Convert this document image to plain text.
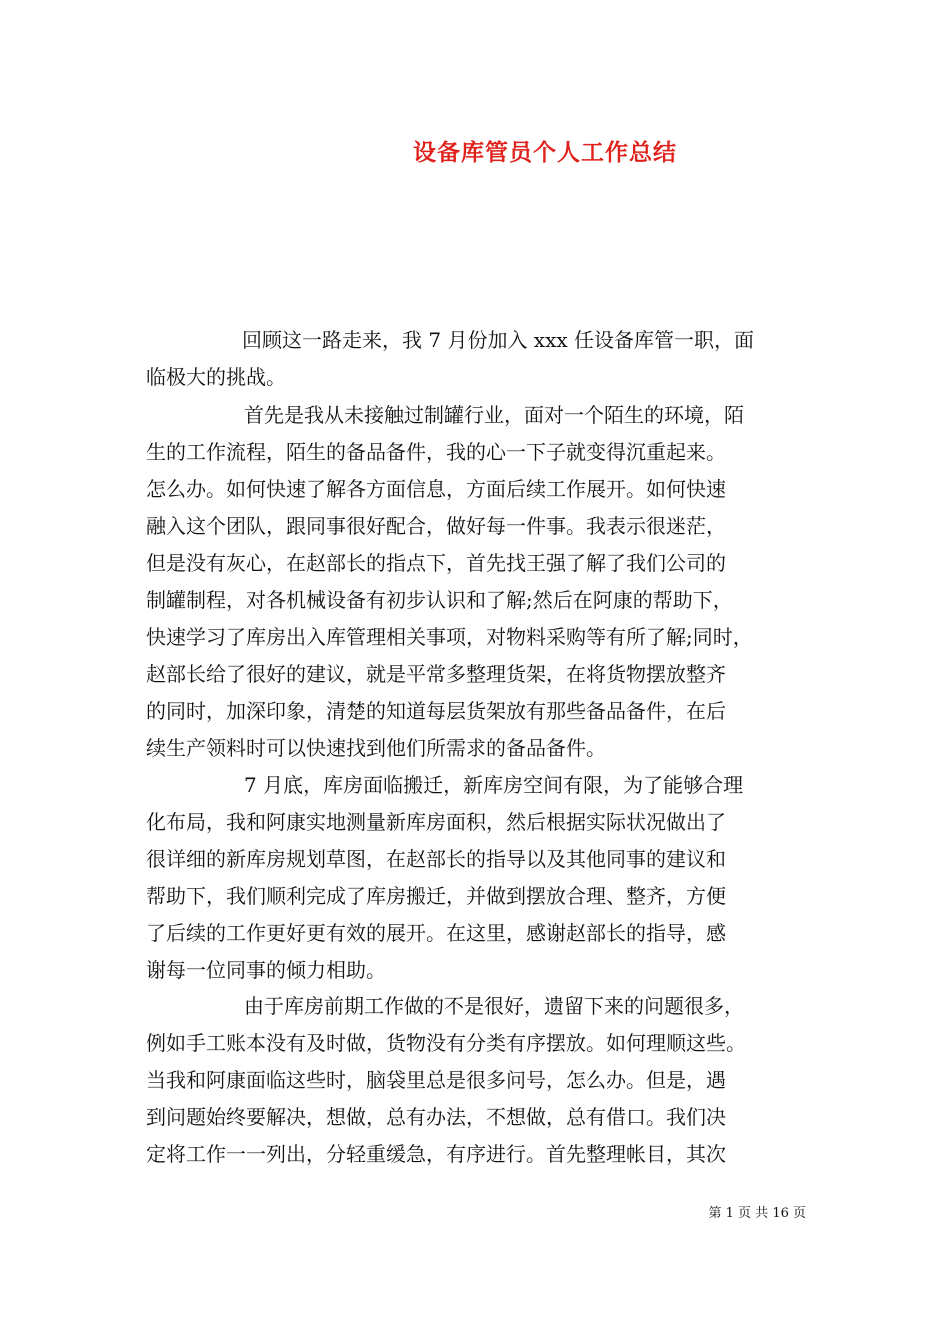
设备库管员个人工作总结

回顾这一路走来，我 7 月份加入 xxx 任设备库管一职，面
临极大的挑战。

首先是我从未接触过制罐行业，面对一个陌生的环境，陌
生的工作流程，陌生的备品备件，我的心一下子就变得沉重起来。
怎么办。如何快速了解各方面信息，方面后续工作展开。如何快速
融入这个团队，跟同事很好配合，做好每一件事。我表示很迷茫，
但是没有灰心，在赵部长的指点下，首先找王强了解了我们公司的
制罐制程，对各机械设备有初步认识和了解;然后在阿康的帮助下，
快速学习了库房出入库管理相关事项，对物料采购等有所了解;同时，
赵部长给了很好的建议，就是平常多整理货架，在将货物摆放整齐
的同时，加深印象，清楚的知道每层货架放有那些备品备件，在后
续生产领料时可以快速找到他们所需求的备品备件。

7 月底，库房面临搬迁，新库房空间有限，为了能够合理
化布局，我和阿康实地测量新库房面积，然后根据实际状况做出了
很详细的新库房规划草图，在赵部长的指导以及其他同事的建议和
帮助下，我们顺利完成了库房搬迁，并做到摆放合理、整齐，方便
了后续的工作更好更有效的展开。在这里，感谢赵部长的指导，感
谢每一位同事的倾力相助。

由于库房前期工作做的不是很好，遗留下来的问题很多，
例如手工账本没有及时做，货物没有分类有序摆放。如何理顺这些。
当我和阿康面临这些时，脑袋里总是很多问号，怎么办。但是，遇
到问题始终要解决，想做，总有办法，不想做，总有借口。我们决
定将工作一一列出，分轻重缓急，有序进行。首先整理帐目，其次

第 1 页 共 16 页
